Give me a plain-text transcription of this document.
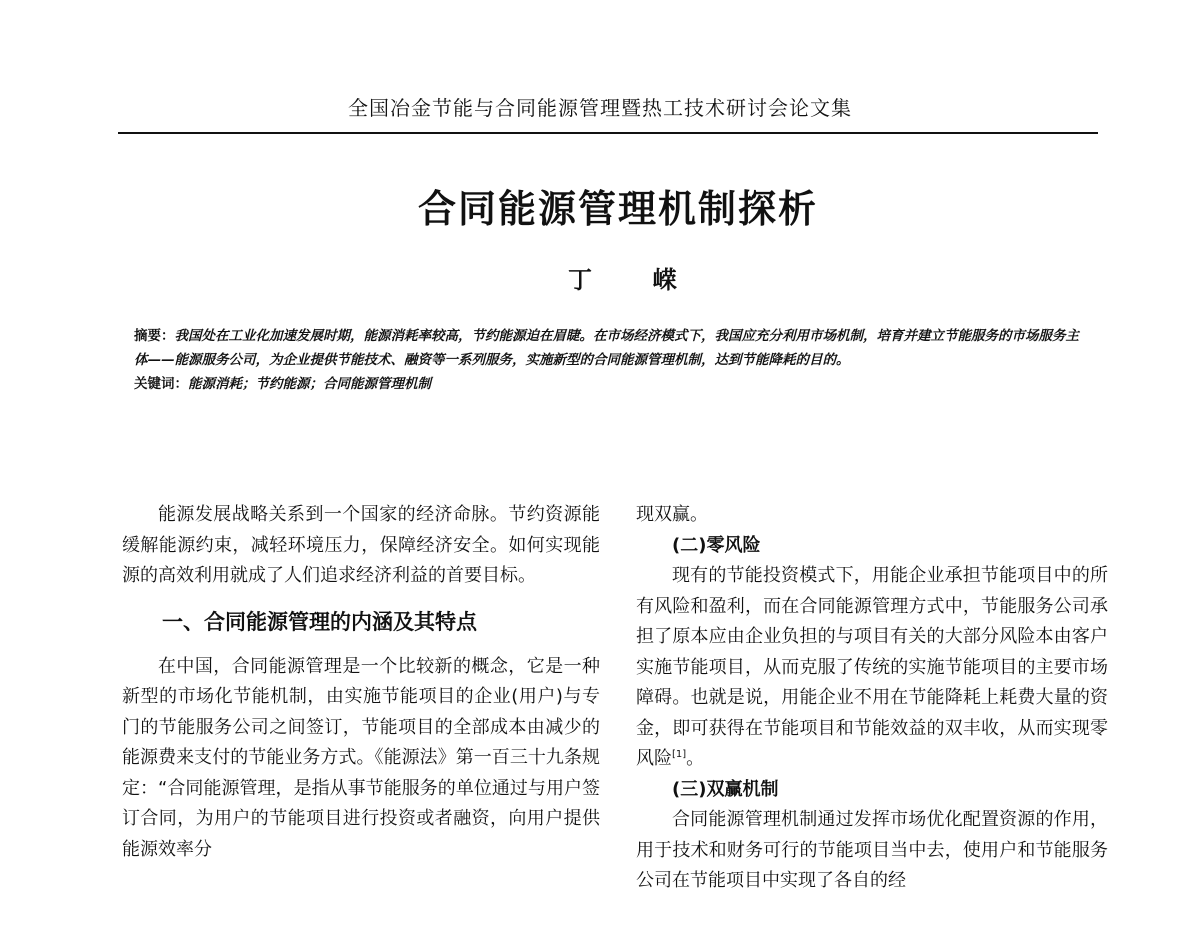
全国冶金节能与合同能源管理暨热工技术研讨会论文集
合同能源管理机制探析
丁	嵘

摘要：我国处在工业化加速发展时期，能源消耗率较高，节约能源迫在眉睫。在市场经济模式下，我国应充分利用市场机制，培育并建立节能服务的市场服务主体——能源服务公司，为企业提供节能技术、融资等一系列服务，实施新型的合同能源管理机制，达到节能降耗的目的。

关键词：能源消耗；节约能源；合同能源管理机制

能源发展战略关系到一个国家的经济命脉。节约资源能缓解能源约束，减轻环境压力，保障经济安全。如何实现能源的高效利用就成了人们追求经济利益的首要目标。

一、合同能源管理的内涵及其特点

在中国，合同能源管理是一个比较新的概念，它是一种新型的市场化节能机制，由实施节能项目的企业(用户)与专门的节能服务公司之间签订，节能项目的全部成本由减少的能源费来支付的节能业务方式。《能源法》第一百三十九条规定：“合同能源管理，是指从事节能服务的单位通过与用户签订合同，为用户的节能项目进行投资或者融资，向用户提供能源效率分

现双赢。

(二)零风险

现有的节能投资模式下，用能企业承担节能项目中的所有风险和盈利，而在合同能源管理方式中，节能服务公司承担了原本应由企业负担的与项目有关的大部分风险本由客户实施节能项目，从而克服了传统的实施节能项目的主要市场障碍。也就是说，用能企业不用在节能降耗上耗费大量的资金，即可获得在节能项目和节能效益的双丰收，从而实现零风险[1]。

(三)双赢机制

合同能源管理机制通过发挥市场优化配置资源的作用，用于技术和财务可行的节能项目当中去，使用户和节能服务公司在节能项目中实现了各自的经
